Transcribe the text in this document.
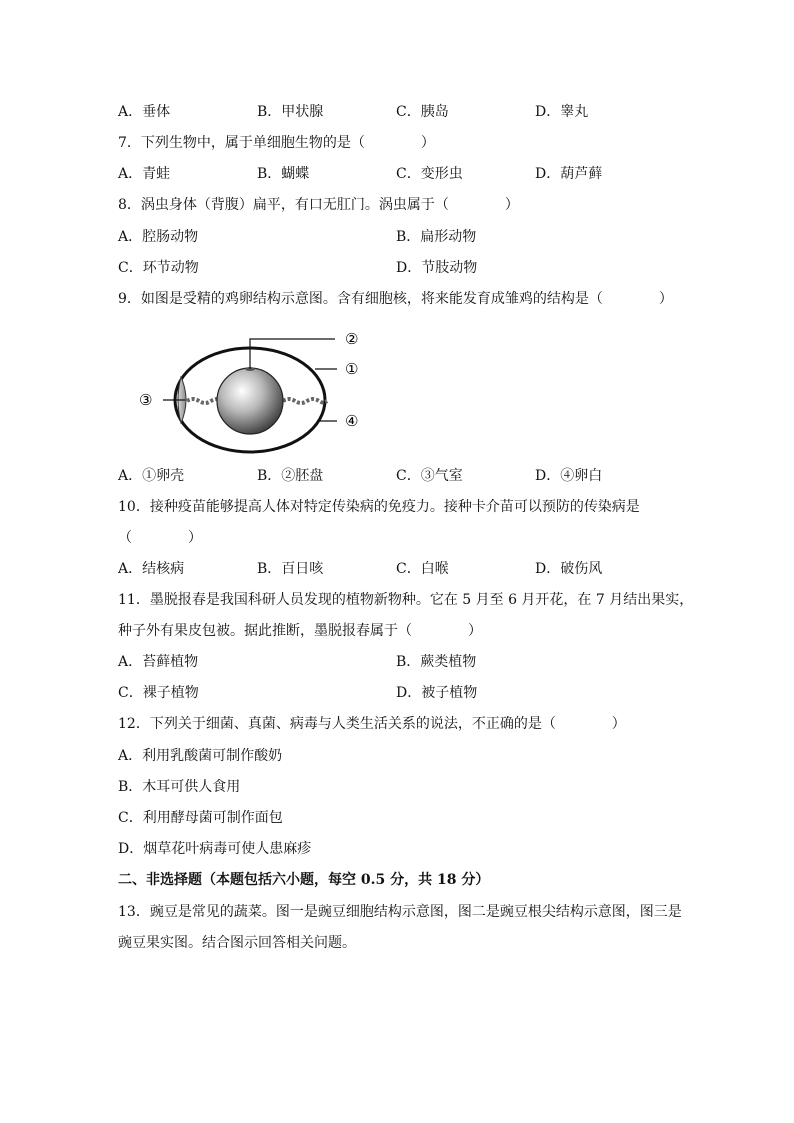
A．垂体	B．甲状腺	C．胰岛	D．睾丸
7．下列生物中，属于单细胞生物的是（　　　　）
A．青蛙	B．蝴蝶	C．变形虫	D．葫芦藓
8．涡虫身体（背腹）扁平，有口无肛门。涡虫属于（　　　　）
A．腔肠动物	B．扁形动物
C．环节动物	D．节肢动物
9．如图是受精的鸡卵结构示意图。含有细胞核，将来能发育成雏鸡的结构是（　　　　）
②
①
③
④
A．①卵壳	B．②胚盘	C．③气室	D．④卵白
10．接种疫苗能够提高人体对特定传染病的免疫力。接种卡介苗可以预防的传染病是
（　　　　）
A．结核病	B．百日咳	C．白喉	D．破伤风
11．墨脱报春是我国科研人员发现的植物新物种。它在 5 月至 6 月开花，在 7 月结出果实，
种子外有果皮包被。据此推断，墨脱报春属于（　　　　）
A．苔藓植物	B．蕨类植物
C．裸子植物	D．被子植物
12．下列关于细菌、真菌、病毒与人类生活关系的说法，不正确的是（　　　　）
A．利用乳酸菌可制作酸奶
B．木耳可供人食用
C．利用酵母菌可制作面包
D．烟草花叶病毒可使人患麻疹
二、非选择题（本题包括六小题，每空 0.5 分，共 18 分）
13．豌豆是常见的蔬菜。图一是豌豆细胞结构示意图，图二是豌豆根尖结构示意图，图三是
豌豆果实图。结合图示回答相关问题。
